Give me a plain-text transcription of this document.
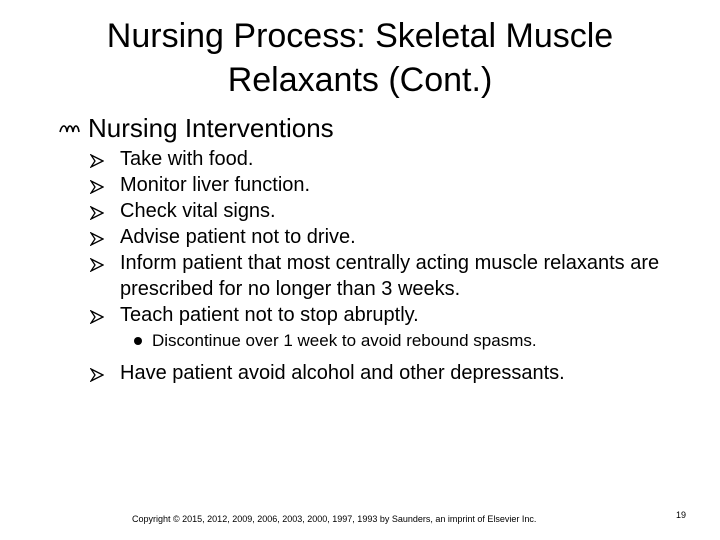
Nursing Process: Skeletal Muscle
Relaxants (Cont.)
Nursing Interventions
Take with food.
Monitor liver function.
Check vital signs.
Advise patient not to drive.
Inform patient that most centrally acting muscle relaxants are prescribed for no longer than 3 weeks.
Teach patient not to stop abruptly.
Discontinue over 1 week to avoid rebound spasms.
Have patient avoid alcohol and other depressants.
Copyright © 2015, 2012, 2009, 2006, 2003, 2000, 1997, 1993 by Saunders, an imprint of Elsevier Inc.	19
